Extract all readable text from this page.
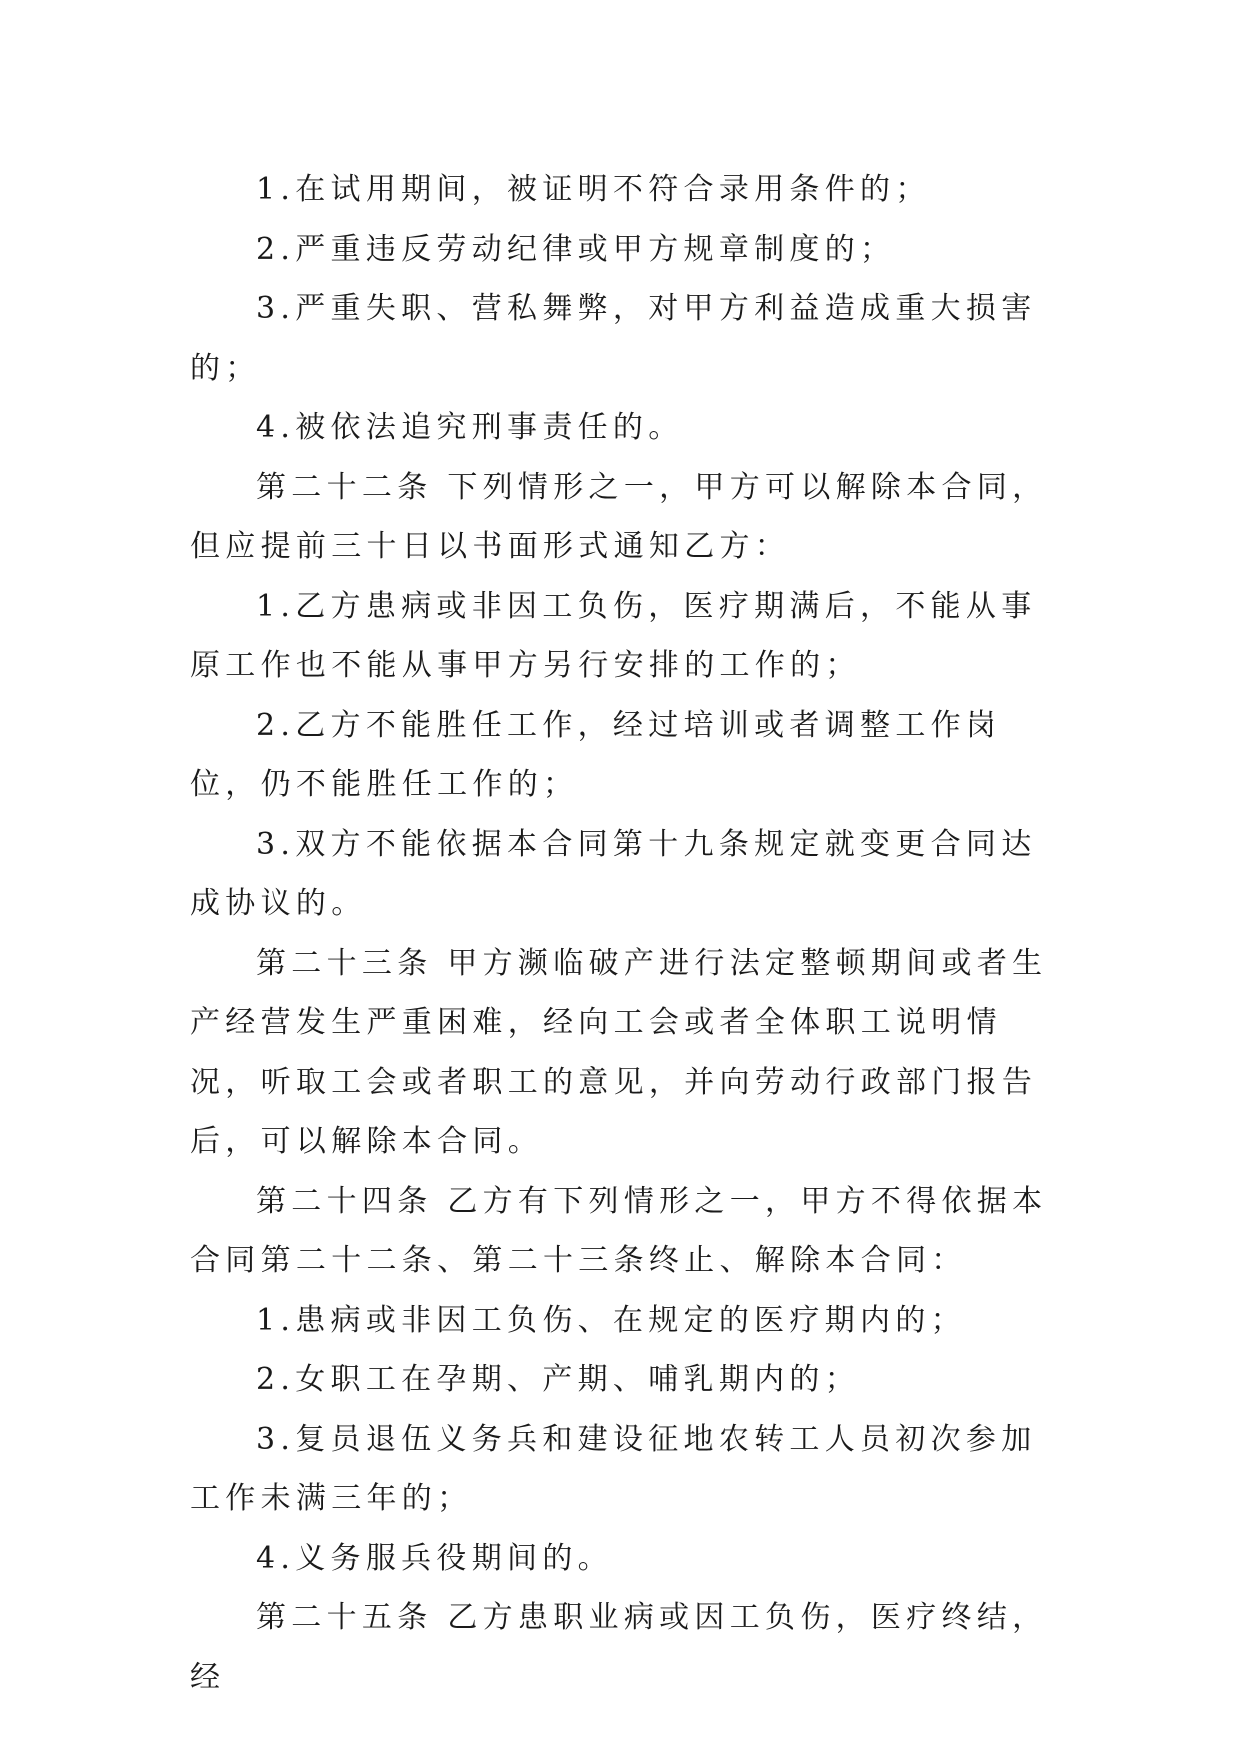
1.在试用期间，被证明不符合录用条件的；

2.严重违反劳动纪律或甲方规章制度的；

3.严重失职、营私舞弊，对甲方利益造成重大损害的；

4.被依法追究刑事责任的。

第二十二条 下列情形之一，甲方可以解除本合同，但应提前三十日以书面形式通知乙方：

1.乙方患病或非因工负伤，医疗期满后，不能从事原工作也不能从事甲方另行安排的工作的；

2.乙方不能胜任工作，经过培训或者调整工作岗位，仍不能胜任工作的；

3.双方不能依据本合同第十九条规定就变更合同达成协议的。

第二十三条 甲方濒临破产进行法定整顿期间或者生产经营发生严重困难，经向工会或者全体职工说明情况，听取工会或者职工的意见，并向劳动行政部门报告后，可以解除本合同。

第二十四条 乙方有下列情形之一，甲方不得依据本合同第二十二条、第二十三条终止、解除本合同：

1.患病或非因工负伤、在规定的医疗期内的；

2.女职工在孕期、产期、哺乳期内的；

3.复员退伍义务兵和建设征地农转工人员初次参加工作未满三年的；

4.义务服兵役期间的。

第二十五条 乙方患职业病或因工负伤，医疗终结，经
